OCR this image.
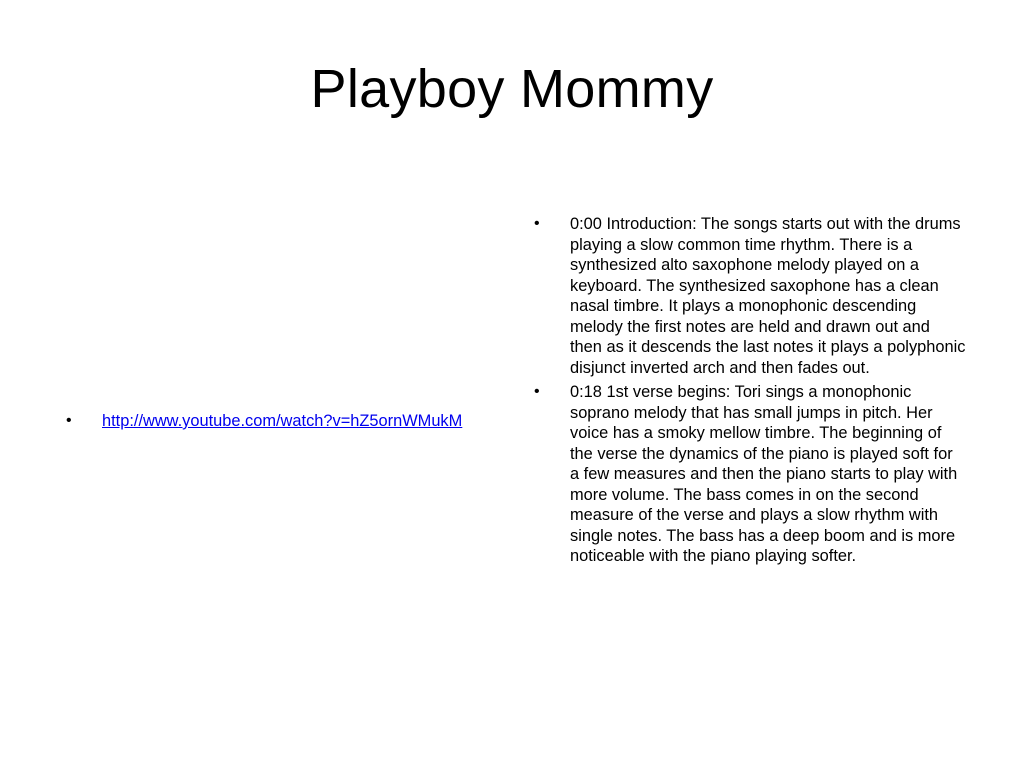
Playboy Mommy
•	http://www.youtube.com/watch?v=hZ5ornWMukM
•	0:00 Introduction: The songs starts out with the drums playing a slow common time rhythm. There is a synthesized alto saxophone melody played on a keyboard. The synthesized saxophone has a clean nasal timbre. It plays a monophonic descending melody the first notes are held and drawn out and then as it descends the last notes it plays a polyphonic disjunct inverted arch and then fades out.
•	0:18 1st verse begins: Tori sings a monophonic soprano melody that has small jumps in pitch. Her voice has a smoky mellow timbre. The beginning of the verse the dynamics of the piano is played soft for a few measures and then the piano starts to play with more volume. The bass comes in on the second measure of the verse and plays a slow rhythm with single notes. The bass has a deep boom and is more noticeable with the piano playing softer.
